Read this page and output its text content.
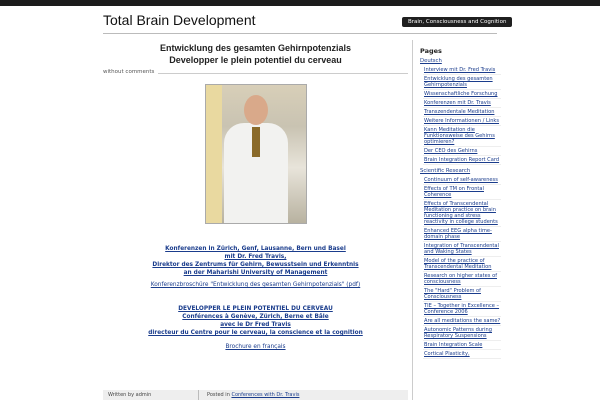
Total Brain Development	Brain, Consciousness and Cognition
Entwicklung des gesamten Gehirnpotenzials
Developper le plein potentiel du cerveau
without comments
Konferenzen in Zürich, Genf, Lausanne, Bern und Basel
mit Dr. Fred Travis,
Direktor des Zentrums für Gehirn, Bewusstsein und Erkenntnis
an der Maharishi University of Management
Konferenzbroschüre "Entwicklung des gesamten Gehirnpotenzials" (pdf)
DEVELOPPER LE PLEIN POTENTIEL DU CERVEAU
Conférences à Genève, Zürich, Berne et Bâle
avec le Dr Fred Travis
directeur du Centre pour le cerveau, la conscience et la cognition
Brochure en français
Written by admin	Posted in Conferences with Dr. Travis
Pages
Deutsch
Interview mit Dr. Fred Travis
Entwicklung des gesamten Gehirnpotenzials
Wissenschaftliche Forschung
Konferenzen mit Dr. Travis
Transzendentale Meditation
Weitere Informationen / Links
Kann Meditation die Funktionsweise des Gehirns optimieren?
Der CEO des Gehirns
Brain Integration Report Card
Scientific Research
Continuum of self-awareness
Effects of TM on Frontal Coherence
Effects of Transcendental Meditation practice on brain functioning and stress reactivity in college students
Enhanced EEG alpha time-domain phase
Integration of Transcendental and Waking States
Model of the practice of Transcendental Meditation
Research on higher states of consciousness
The "Hard" Problem of Consciousness
TIE – Together in Excellence – Conference 2006
Are all meditations the same?
Autonomic Patterns during Respiratory Suspensions
Brain Integration Scale
Cortical Plasticity,
